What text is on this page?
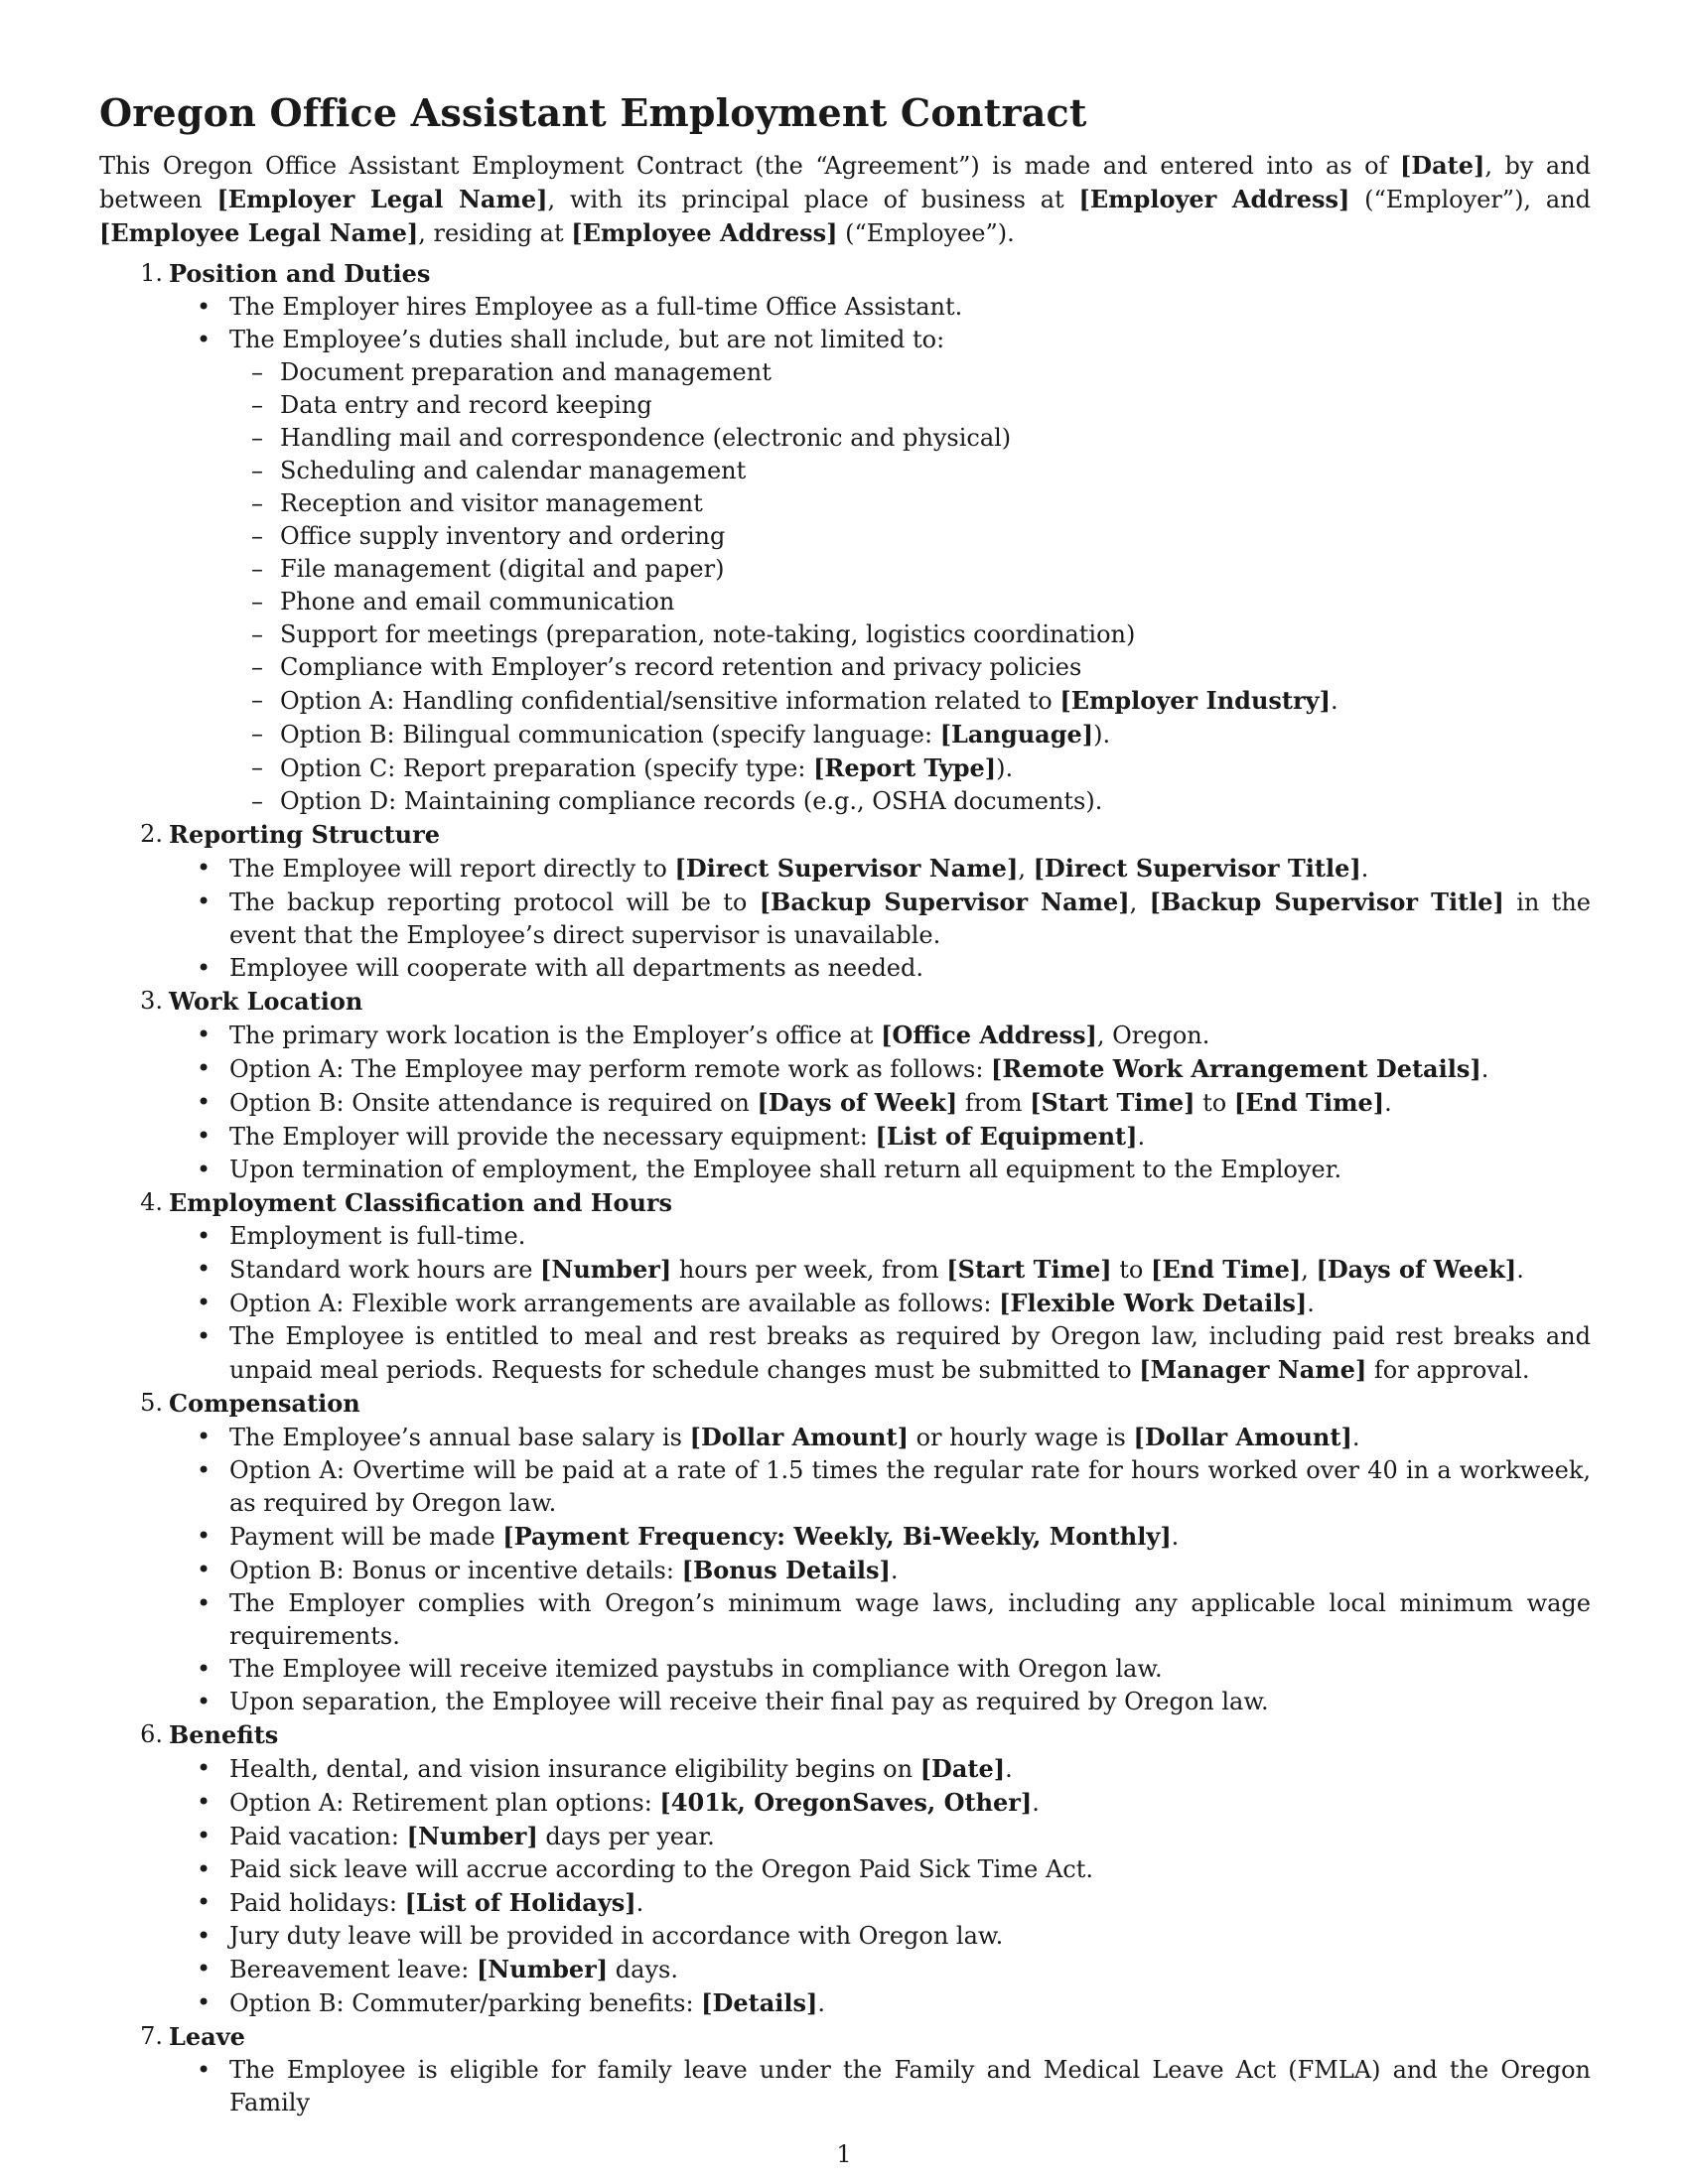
Oregon Office Assistant Employment Contract

This Oregon Office Assistant Employment Contract (the “Agreement”) is made and entered into as of [Date], by and between [Employer Legal Name], with its principal place of business at [Employer Address] (“Employer”), and [Employee Legal Name], residing at [Employee Address] (“Employee”).

1. Position and Duties
• The Employer hires Employee as a full-time Office Assistant.
• The Employee’s duties shall include, but are not limited to:
– Document preparation and management
– Data entry and record keeping
– Handling mail and correspondence (electronic and physical)
– Scheduling and calendar management
– Reception and visitor management
– Office supply inventory and ordering
– File management (digital and paper)
– Phone and email communication
– Support for meetings (preparation, note-taking, logistics coordination)
– Compliance with Employer’s record retention and privacy policies
– Option A: Handling confidential/sensitive information related to [Employer Industry].
– Option B: Bilingual communication (specify language: [Language]).
– Option C: Report preparation (specify type: [Report Type]).
– Option D: Maintaining compliance records (e.g., OSHA documents).
2. Reporting Structure
• The Employee will report directly to [Direct Supervisor Name], [Direct Supervisor Title].
• The backup reporting protocol will be to [Backup Supervisor Name], [Backup Supervisor Title] in the event that the Employee’s direct supervisor is unavailable.
• Employee will cooperate with all departments as needed.
3. Work Location
• The primary work location is the Employer’s office at [Office Address], Oregon.
• Option A: The Employee may perform remote work as follows: [Remote Work Arrangement Details].
• Option B: Onsite attendance is required on [Days of Week] from [Start Time] to [End Time].
• The Employer will provide the necessary equipment: [List of Equipment].
• Upon termination of employment, the Employee shall return all equipment to the Employer.
4. Employment Classification and Hours
• Employment is full-time.
• Standard work hours are [Number] hours per week, from [Start Time] to [End Time], [Days of Week].
• Option A: Flexible work arrangements are available as follows: [Flexible Work Details].
• The Employee is entitled to meal and rest breaks as required by Oregon law, including paid rest breaks and unpaid meal periods. Requests for schedule changes must be submitted to [Manager Name] for approval.
5. Compensation
• The Employee’s annual base salary is [Dollar Amount] or hourly wage is [Dollar Amount].
• Option A: Overtime will be paid at a rate of 1.5 times the regular rate for hours worked over 40 in a workweek, as required by Oregon law.
• Payment will be made [Payment Frequency: Weekly, Bi-Weekly, Monthly].
• Option B: Bonus or incentive details: [Bonus Details].
• The Employer complies with Oregon’s minimum wage laws, including any applicable local minimum wage requirements.
• The Employee will receive itemized paystubs in compliance with Oregon law.
• Upon separation, the Employee will receive their final pay as required by Oregon law.
6. Benefits
• Health, dental, and vision insurance eligibility begins on [Date].
• Option A: Retirement plan options: [401k, OregonSaves, Other].
• Paid vacation: [Number] days per year.
• Paid sick leave will accrue according to the Oregon Paid Sick Time Act.
• Paid holidays: [List of Holidays].
• Jury duty leave will be provided in accordance with Oregon law.
• Bereavement leave: [Number] days.
• Option B: Commuter/parking benefits: [Details].
7. Leave
• The Employee is eligible for family leave under the Family and Medical Leave Act (FMLA) and the Oregon Family
1
